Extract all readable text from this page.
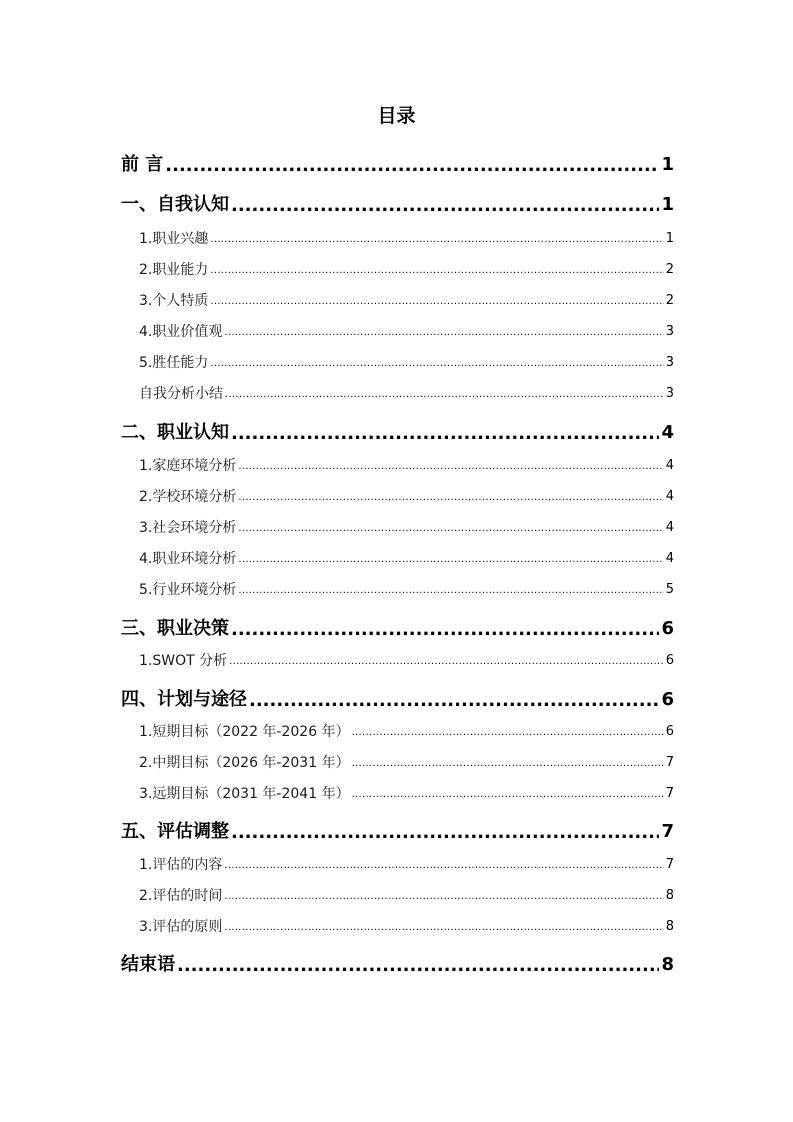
目录
前 言 .....	1
一、自我认知 .....	1
1.职业兴趣 .....	1
2.职业能力 .....	2
3.个人特质 .....	2
4.职业价值观 .....	3
5.胜任能力 .....	3
自我分析小结 .....	3
二、职业认知 .....	4
1.家庭环境分析 .....	4
2.学校环境分析 .....	4
3.社会环境分析 .....	4
4.职业环境分析 .....	4
5.行业环境分析 .....	5
三、职业决策 .....	6
1.SWOT 分析 .....	6
四、计划与途径 .....	6
1.短期目标（2022 年-2026 年） .....	6
2.中期目标（2026 年-2031 年） .....	7
3.远期目标（2031 年-2041 年） .....	7
五、评估调整 .....	7
1.评估的内容 .....	7
2.评估的时间 .....	8
3.评估的原则 .....	8
结束语 .....	8
